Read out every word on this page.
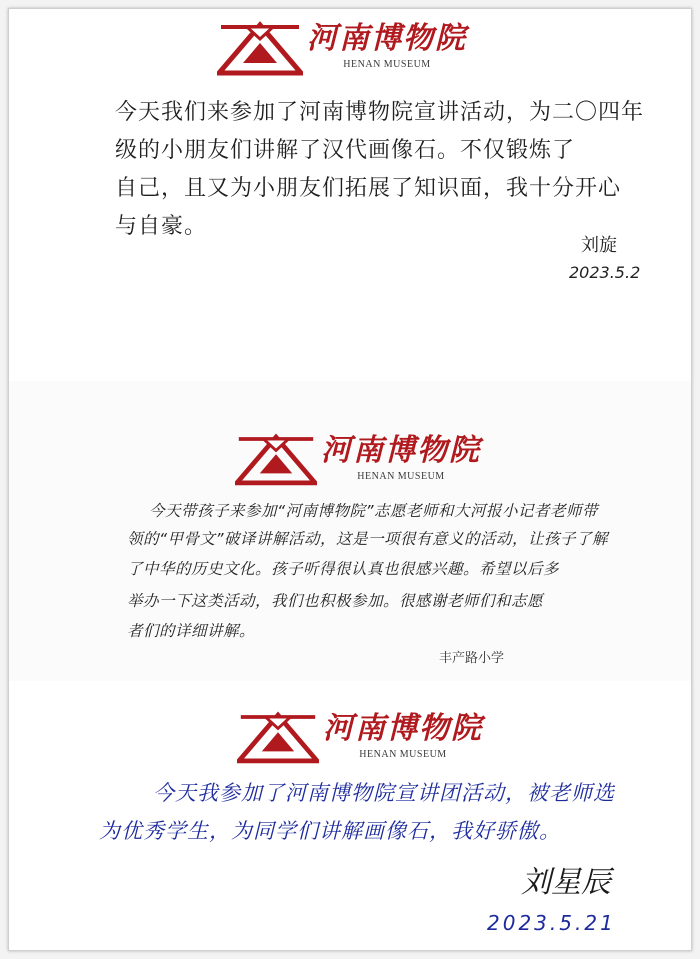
河南博物院
HENAN MUSEUM
今天我们来参加了河南博物院宣讲活动，为二〇四年
级的小朋友们讲解了汉代画像石。不仅锻炼了
自己，且又为小朋友们拓展了知识面，我十分开心
与自豪。
刘旋
2023.5.2
河南博物院
HENAN MUSEUM
今天带孩子来参加“河南博物院”志愿老师和大河报小记者老师带
领的“甲骨文”破译讲解活动，这是一项很有意义的活动，让孩子了解
了中华的历史文化。孩子听得很认真也很感兴趣。希望以后多
举办一下这类活动，我们也积极参加。很感谢老师们和志愿
者们的详细讲解。
丰产路小学
河南博物院
HENAN MUSEUM
今天我参加了河南博物院宣讲团活动，被老师选
为优秀学生，为同学们讲解画像石，我好骄傲。
刘星辰
2023.5.21
